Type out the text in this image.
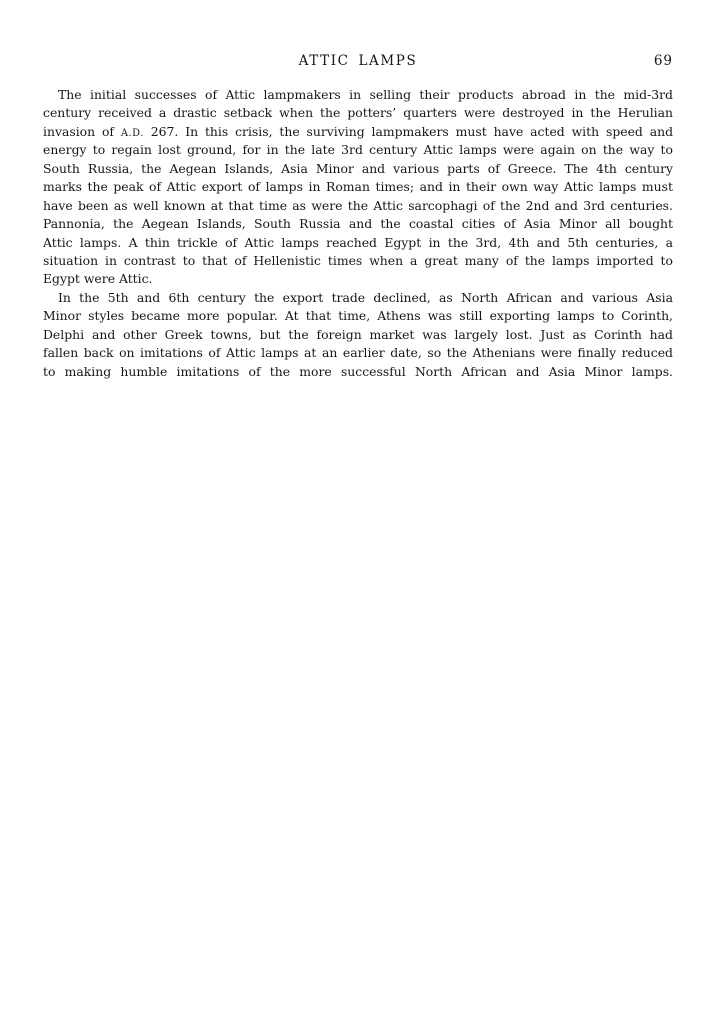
ATTIC LAMPS	69
The initial successes of Attic lampmakers in selling their products abroad in the mid-3rd
century received a drastic setback when the potters’ quarters were destroyed in the Herulian
invasion of A.D. 267. In this crisis, the surviving lampmakers must have acted with speed and
energy to regain lost ground, for in the late 3rd century Attic lamps were again on the way to
South Russia, the Aegean Islands, Asia Minor and various parts of Greece. The 4th century
marks the peak of Attic export of lamps in Roman times; and in their own way Attic lamps must
have been as well known at that time as were the Attic sarcophagi of the 2nd and 3rd centuries.
Pannonia, the Aegean Islands, South Russia and the coastal cities of Asia Minor all bought
Attic lamps. A thin trickle of Attic lamps reached Egypt in the 3rd, 4th and 5th centuries, a
situation in contrast to that of Hellenistic times when a great many of the lamps imported to
Egypt were Attic.
In the 5th and 6th century the export trade declined, as North African and various Asia
Minor styles became more popular. At that time, Athens was still exporting lamps to Corinth,
Delphi and other Greek towns, but the foreign market was largely lost. Just as Corinth had
fallen back on imitations of Attic lamps at an earlier date, so the Athenians were finally reduced
to making humble imitations of the more successful North African and Asia Minor lamps.
